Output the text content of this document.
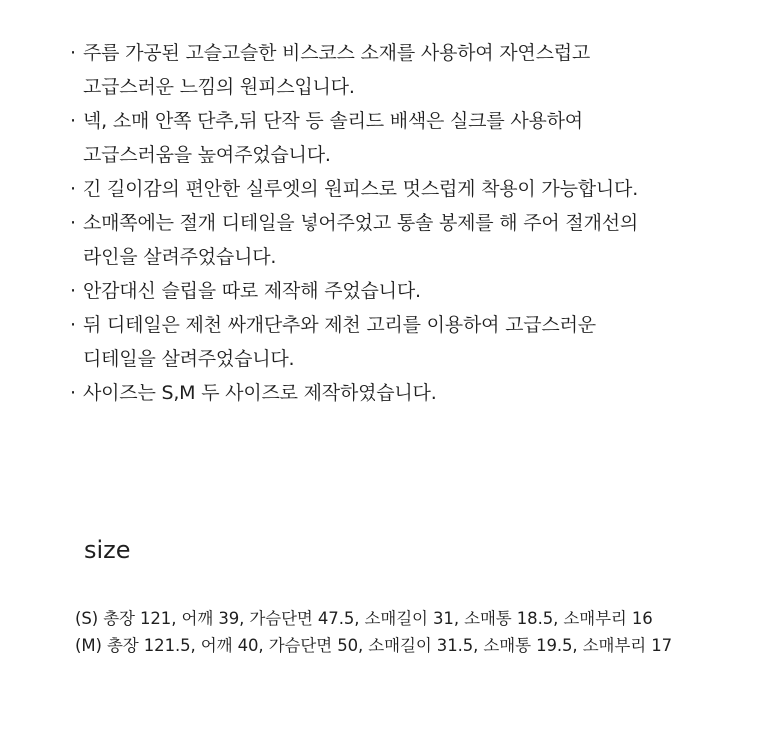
· 주름 가공된 고슬고슬한 비스코스 소재를 사용하여 자연스럽고
고급스러운 느낌의 원피스입니다.
· 넥, 소매 안쪽 단추,뒤 단작 등 솔리드 배색은 실크를 사용하여
고급스러움을 높여주었습니다.
· 긴 길이감의 편안한 실루엣의 원피스로 멋스럽게 착용이 가능합니다.
· 소매쪽에는 절개 디테일을 넣어주었고 통솔 봉제를 해 주어 절개선의
라인을 살려주었습니다.
· 안감대신 슬립을 따로 제작해 주었습니다.
· 뒤 디테일은 제천 싸개단추와 제천 고리를 이용하여 고급스러운
디테일을 살려주었습니다.
· 사이즈는 S,M 두 사이즈로 제작하였습니다.
size
(S) 총장 121, 어깨 39, 가슴단면 47.5, 소매길이 31, 소매통 18.5, 소매부리 16
(M) 총장 121.5, 어깨 40, 가슴단면 50, 소매길이 31.5, 소매통 19.5, 소매부리 17
